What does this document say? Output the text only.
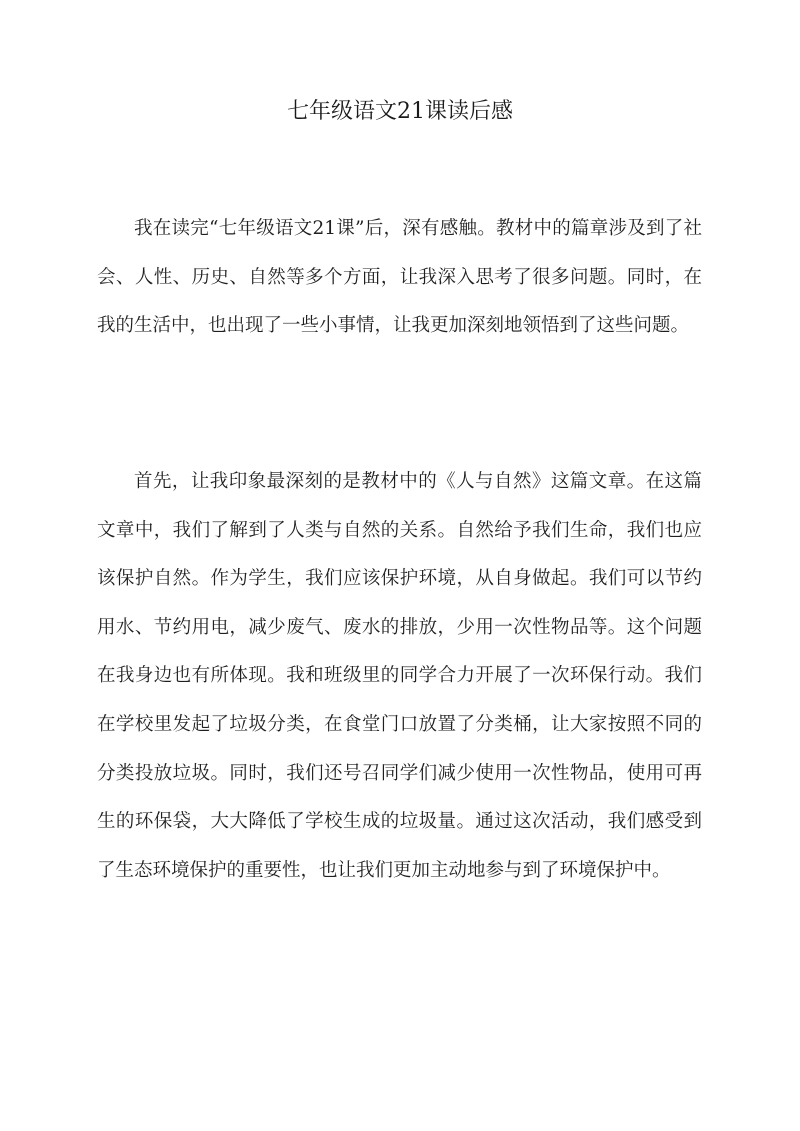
七年级语文21课读后感

我在读完“七年级语文21课”后，深有感触。教材中的篇章涉及到了社会、人性、历史、自然等多个方面，让我深入思考了很多问题。同时，在我的生活中，也出现了一些小事情，让我更加深刻地领悟到了这些问题。

首先，让我印象最深刻的是教材中的《人与自然》这篇文章。在这篇文章中，我们了解到了人类与自然的关系。自然给予我们生命，我们也应该保护自然。作为学生，我们应该保护环境，从自身做起。我们可以节约用水、节约用电，减少废气、废水的排放，少用一次性物品等。这个问题在我身边也有所体现。我和班级里的同学合力开展了一次环保行动。我们在学校里发起了垃圾分类，在食堂门口放置了分类桶，让大家按照不同的分类投放垃圾。同时，我们还号召同学们减少使用一次性物品，使用可再生的环保袋，大大降低了学校生成的垃圾量。通过这次活动，我们感受到了生态环境保护的重要性，也让我们更加主动地参与到了环境保护中。
